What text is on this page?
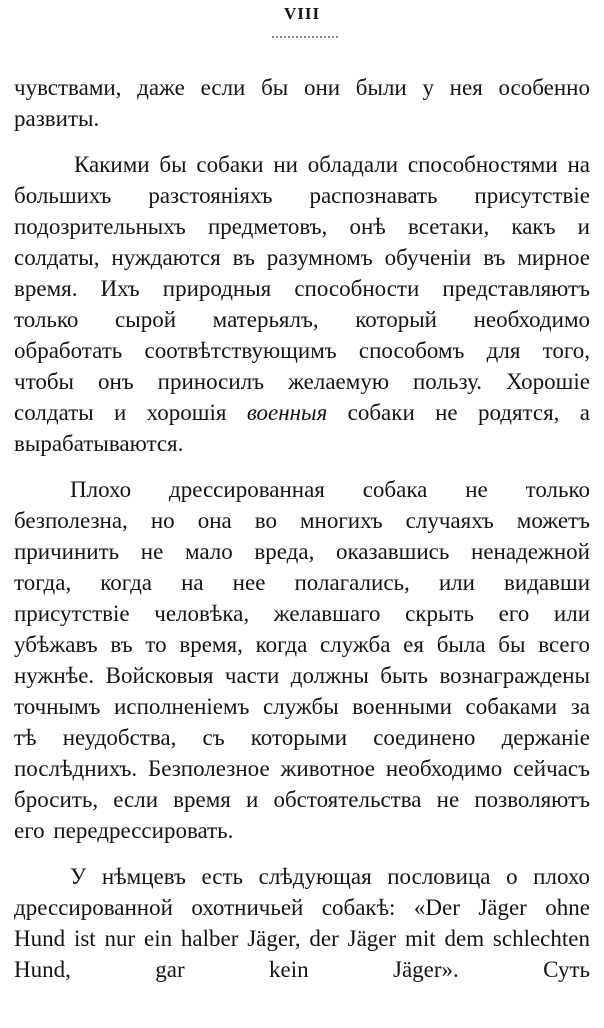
VIII

чувствами, даже если бы они были у нея особенно развиты.

Какими бы собаки ни обладали способностями на большихъ разстояніяхъ распознавать присутствіе подозрительныхъ предметовъ, онѣ всетаки, какъ и солдаты, нуждаются въ разумномъ обученіи въ мирное время. Ихъ природныя способности представляютъ только сырой матерьялъ, который необходимо обработать соотвѣтствующимъ способомъ для того, чтобы онъ приносилъ желаемую пользу. Хорошіе солдаты и хорошія военныя собаки не родятся, а вырабатываются.

Плохо дрессированная собака не только безполезна, но она во многихъ случаяхъ можетъ причинить не мало вреда, оказавшись ненадежной тогда, когда на нее полагались, или видавши присутствіе человѣка, желавшаго скрыть его или убѣжавъ въ то время, когда служба ея была бы всего нужнѣе. Войсковыя части должны быть вознаграждены точнымъ исполненіемъ службы военными собаками за тѣ неудобства, съ которыми соединено держаніе послѣднихъ. Безполезное животное необходимо сейчасъ бросить, если время и обстоятельства не позволяютъ его передрессировать.

У нѣмцевъ есть слѣдующая пословица о плохо дрессированной охотничьей собакѣ: «Der Jäger ohne Hund ist nur ein halber Jäger, der Jäger mit dem schlechten Hund, gar kein Jäger». Суть
